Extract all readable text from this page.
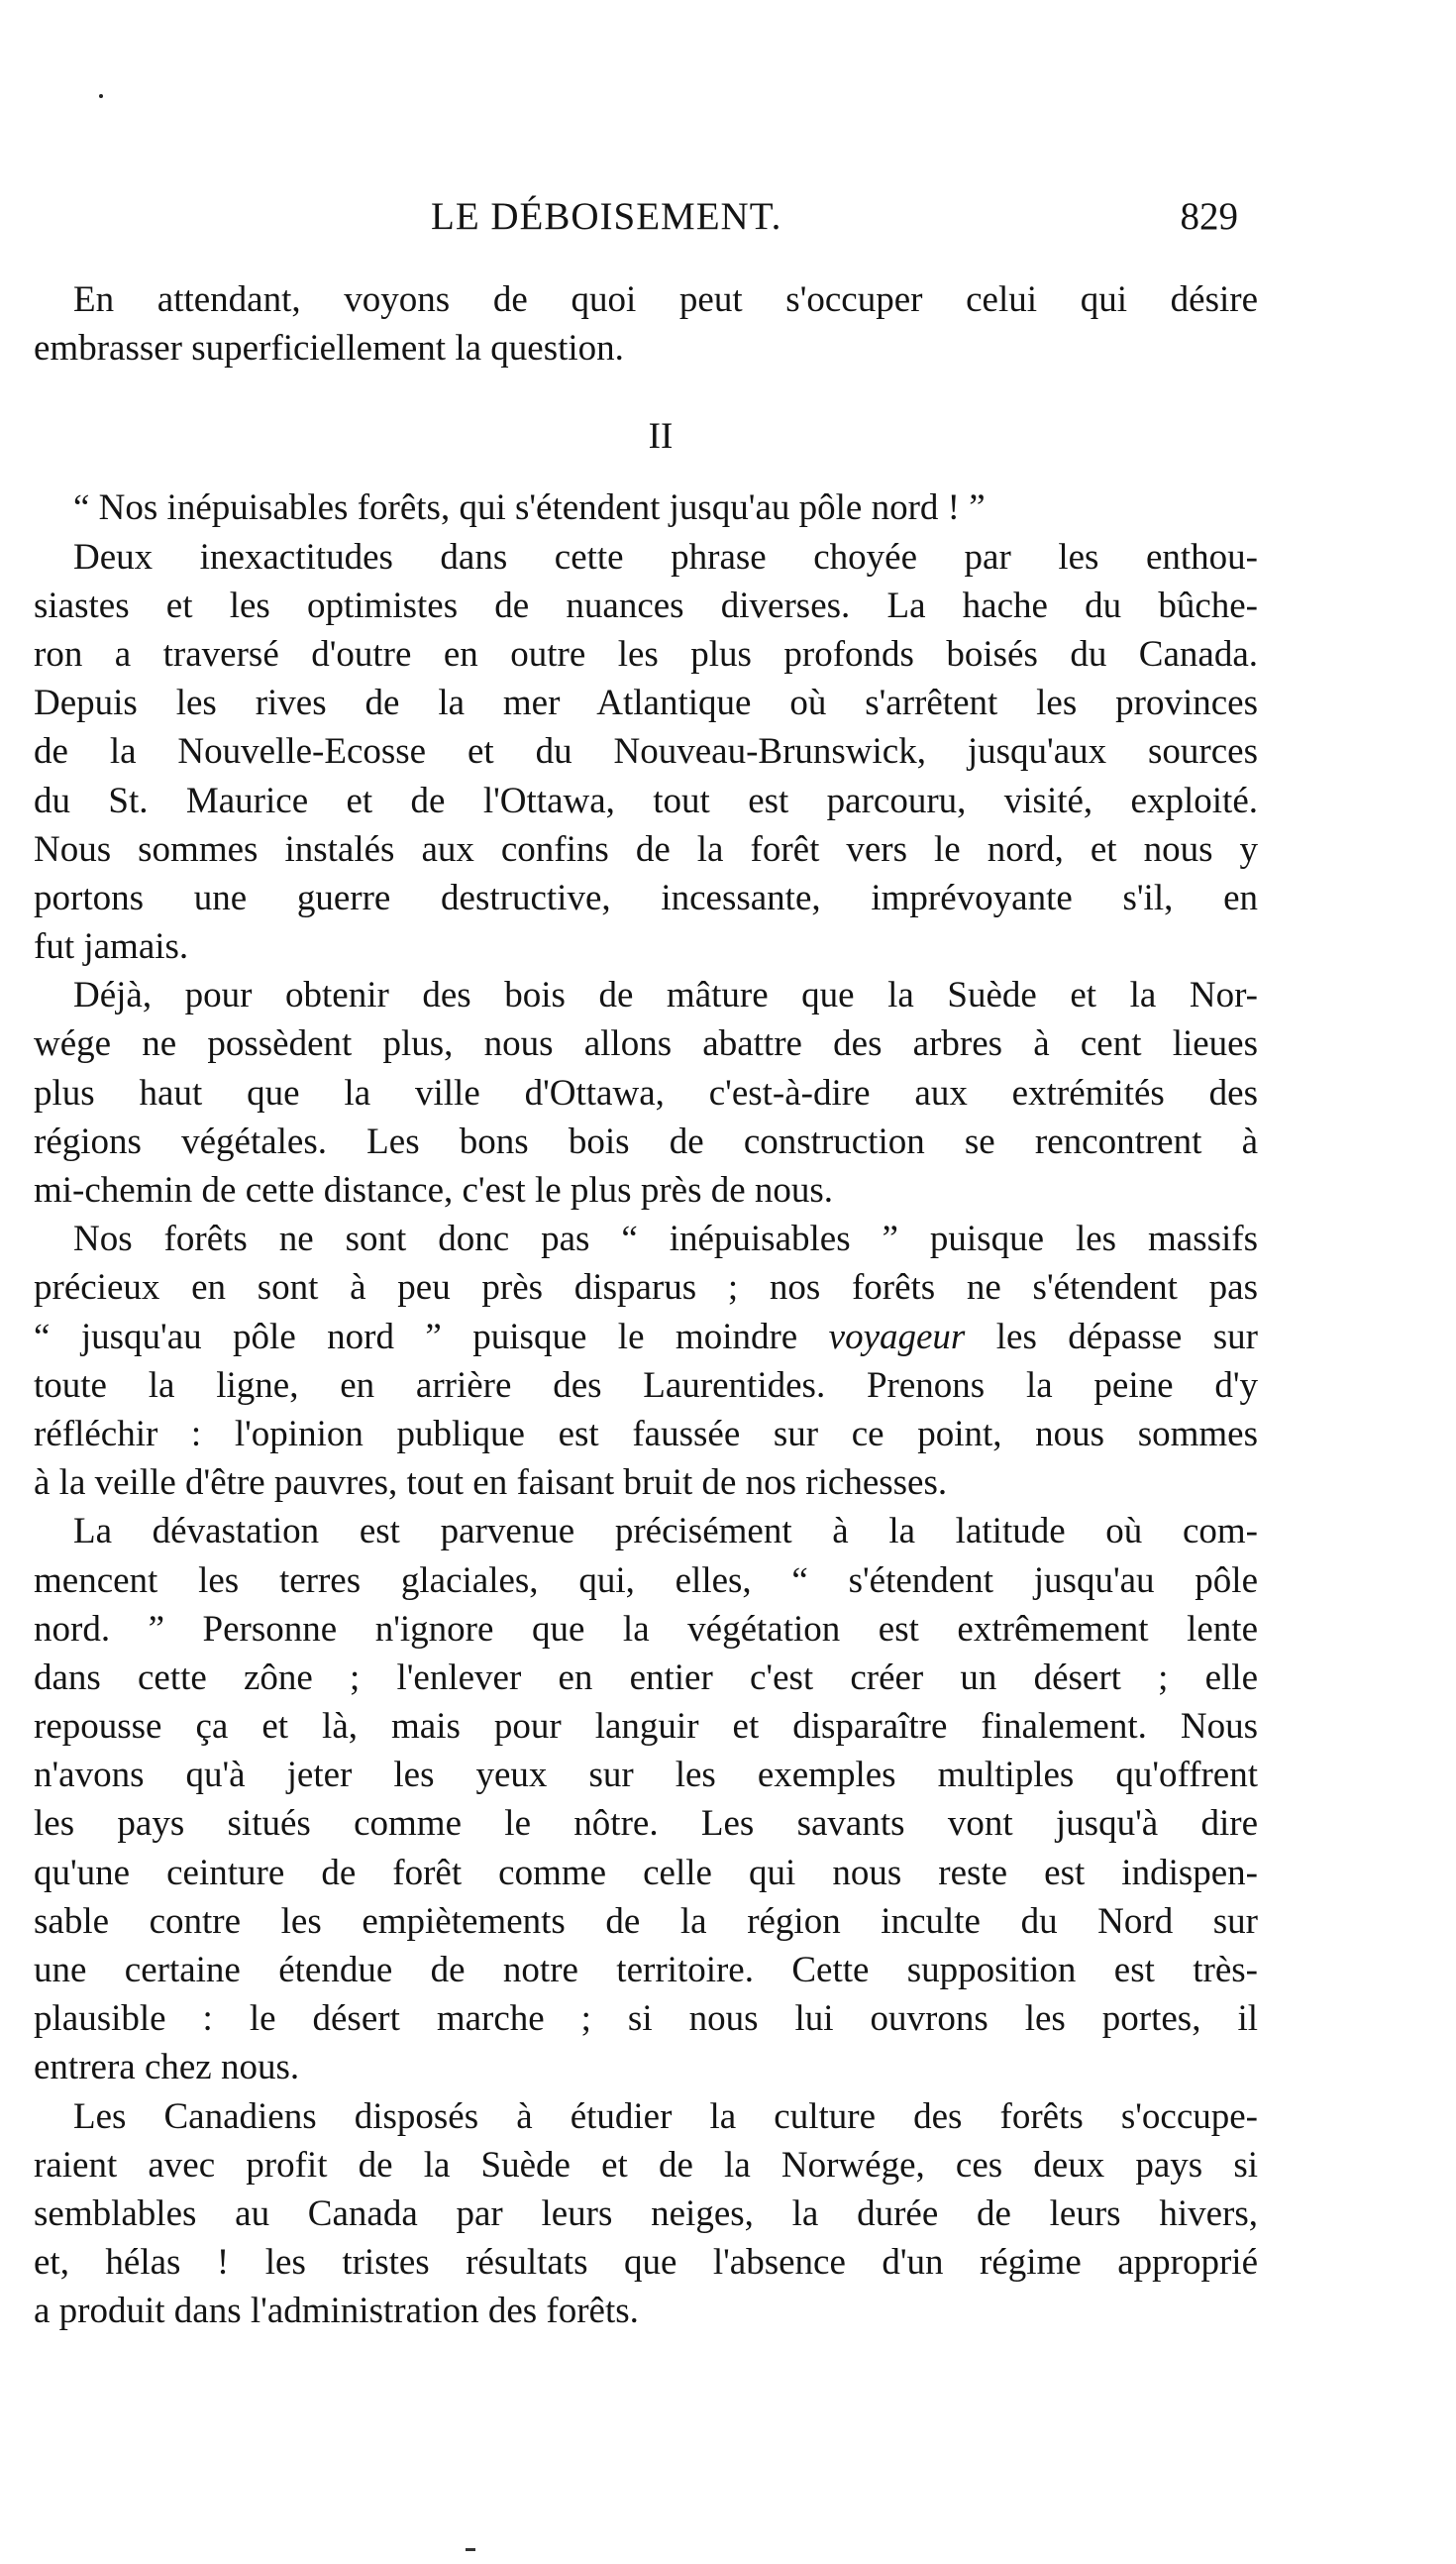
LE DÉBOISEMENT.	829
En attendant, voyons de quoi peut s'occuper celui qui désire
embrasser superficiellement la question.
II
“ Nos inépuisables forêts, qui s'étendent jusqu'au pôle nord ! ”
Deux inexactitudes dans cette phrase choyée par les enthou-
siastes et les optimistes de nuances diverses. La hache du bûche-
ron a traversé d'outre en outre les plus profonds boisés du Canada.
Depuis les rives de la mer Atlantique où s'arrêtent les provinces
de la Nouvelle-Ecosse et du Nouveau-Brunswick, jusqu'aux sources
du St. Maurice et de l'Ottawa, tout est parcouru, visité, exploité.
Nous sommes instalés aux confins de la forêt vers le nord, et nous y
portons une guerre destructive, incessante, imprévoyante s'il, en
fut jamais.
Déjà, pour obtenir des bois de mâture que la Suède et la Nor-
wége ne possèdent plus, nous allons abattre des arbres à cent lieues
plus haut que la ville d'Ottawa, c'est-à-dire aux extrémités des
régions végétales. Les bons bois de construction se rencontrent à
mi-chemin de cette distance, c'est le plus près de nous.
Nos forêts ne sont donc pas “ inépuisables ” puisque les massifs
précieux en sont à peu près disparus ; nos forêts ne s'étendent pas
“ jusqu'au pôle nord ” puisque le moindre voyageur les dépasse sur
toute la ligne, en arrière des Laurentides. Prenons la peine d'y
réfléchir : l'opinion publique est faussée sur ce point, nous sommes
à la veille d'être pauvres, tout en faisant bruit de nos richesses.
La dévastation est parvenue précisément à la latitude où com-
mencent les terres glaciales, qui, elles, “ s'étendent jusqu'au pôle
nord. ” Personne n'ignore que la végétation est extrêmement lente
dans cette zône ; l'enlever en entier c'est créer un désert ; elle
repousse ça et là, mais pour languir et disparaître finalement. Nous
n'avons qu'à jeter les yeux sur les exemples multiples qu'offrent
les pays situés comme le nôtre. Les savants vont jusqu'à dire
qu'une ceinture de forêt comme celle qui nous reste est indispen-
sable contre les empiètements de la région inculte du Nord sur
une certaine étendue de notre territoire. Cette supposition est très-
plausible : le désert marche ; si nous lui ouvrons les portes, il
entrera chez nous.
Les Canadiens disposés à étudier la culture des forêts s'occupe-
raient avec profit de la Suède et de la Norwége, ces deux pays si
semblables au Canada par leurs neiges, la durée de leurs hivers,
et, hélas ! les tristes résultats que l'absence d'un régime approprié
a produit dans l'administration des forêts.
